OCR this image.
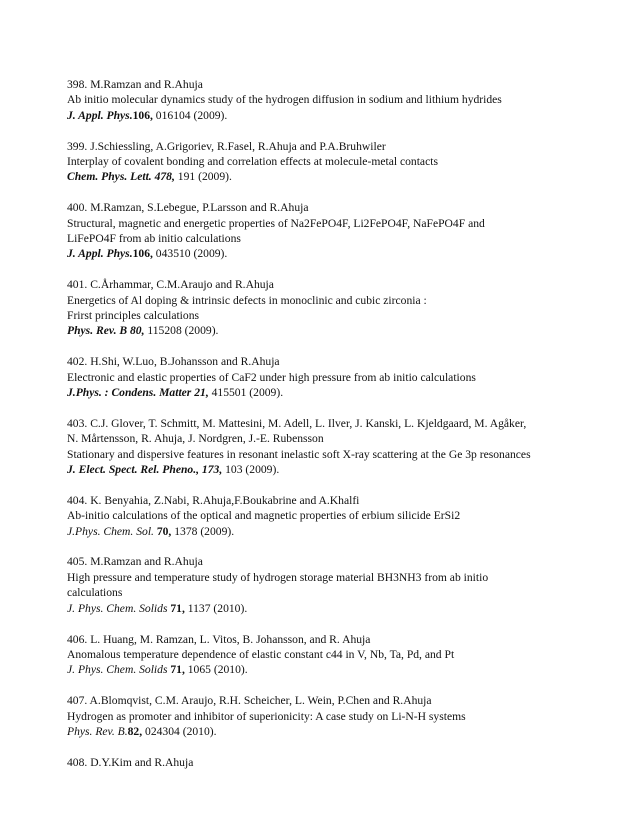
398. M.Ramzan and R.Ahuja
Ab initio molecular dynamics study of the hydrogen diffusion in sodium and lithium hydrides
J. Appl. Phys.106, 016104 (2009).
399. J.Schiessling, A.Grigoriev, R.Fasel, R.Ahuja and P.A.Bruhwiler
Interplay of covalent bonding and correlation effects at molecule-metal contacts
Chem. Phys. Lett. 478, 191 (2009).
400. M.Ramzan, S.Lebegue, P.Larsson and R.Ahuja
Structural, magnetic and energetic properties of Na2FePO4F, Li2FePO4F, NaFePO4F and
LiFePO4F from ab initio calculations
J. Appl. Phys.106, 043510 (2009).
401. C.Århammar, C.M.Araujo and R.Ahuja
Energetics of Al doping & intrinsic defects in monoclinic and cubic zirconia :
Frirst principles calculations
Phys. Rev. B 80, 115208 (2009).
402. H.Shi, W.Luo, B.Johansson and R.Ahuja
Electronic and elastic properties of CaF2 under high pressure from ab initio calculations
J.Phys. : Condens. Matter 21, 415501 (2009).
403. C.J. Glover, T. Schmitt, M. Mattesini, M. Adell, L. Ilver, J. Kanski, L. Kjeldgaard, M. Agåker,
N. Mårtensson, R. Ahuja, J. Nordgren, J.-E. Rubensson
Stationary and dispersive features in resonant inelastic soft X-ray scattering at the Ge 3p resonances
J. Elect. Spect. Rel. Pheno., 173, 103 (2009).
404. K. Benyahia, Z.Nabi, R.Ahuja,F.Boukabrine and A.Khalfi
Ab-initio calculations of the optical and magnetic properties of erbium silicide ErSi2
J.Phys. Chem. Sol. 70, 1378 (2009).
405. M.Ramzan and R.Ahuja
High pressure and temperature study of hydrogen storage material BH3NH3 from ab initio
calculations
J. Phys. Chem. Solids 71, 1137 (2010).
406. L. Huang, M. Ramzan, L. Vitos, B. Johansson, and R. Ahuja
Anomalous temperature dependence of elastic constant c44 in V, Nb, Ta, Pd, and Pt
J. Phys. Chem. Solids 71, 1065 (2010).
407. A.Blomqvist, C.M. Araujo, R.H. Scheicher, L. Wein, P.Chen and R.Ahuja
Hydrogen as promoter and inhibitor of superionicity: A case study on Li-N-H systems
Phys. Rev. B.82, 024304 (2010).
408. D.Y.Kim and R.Ahuja
